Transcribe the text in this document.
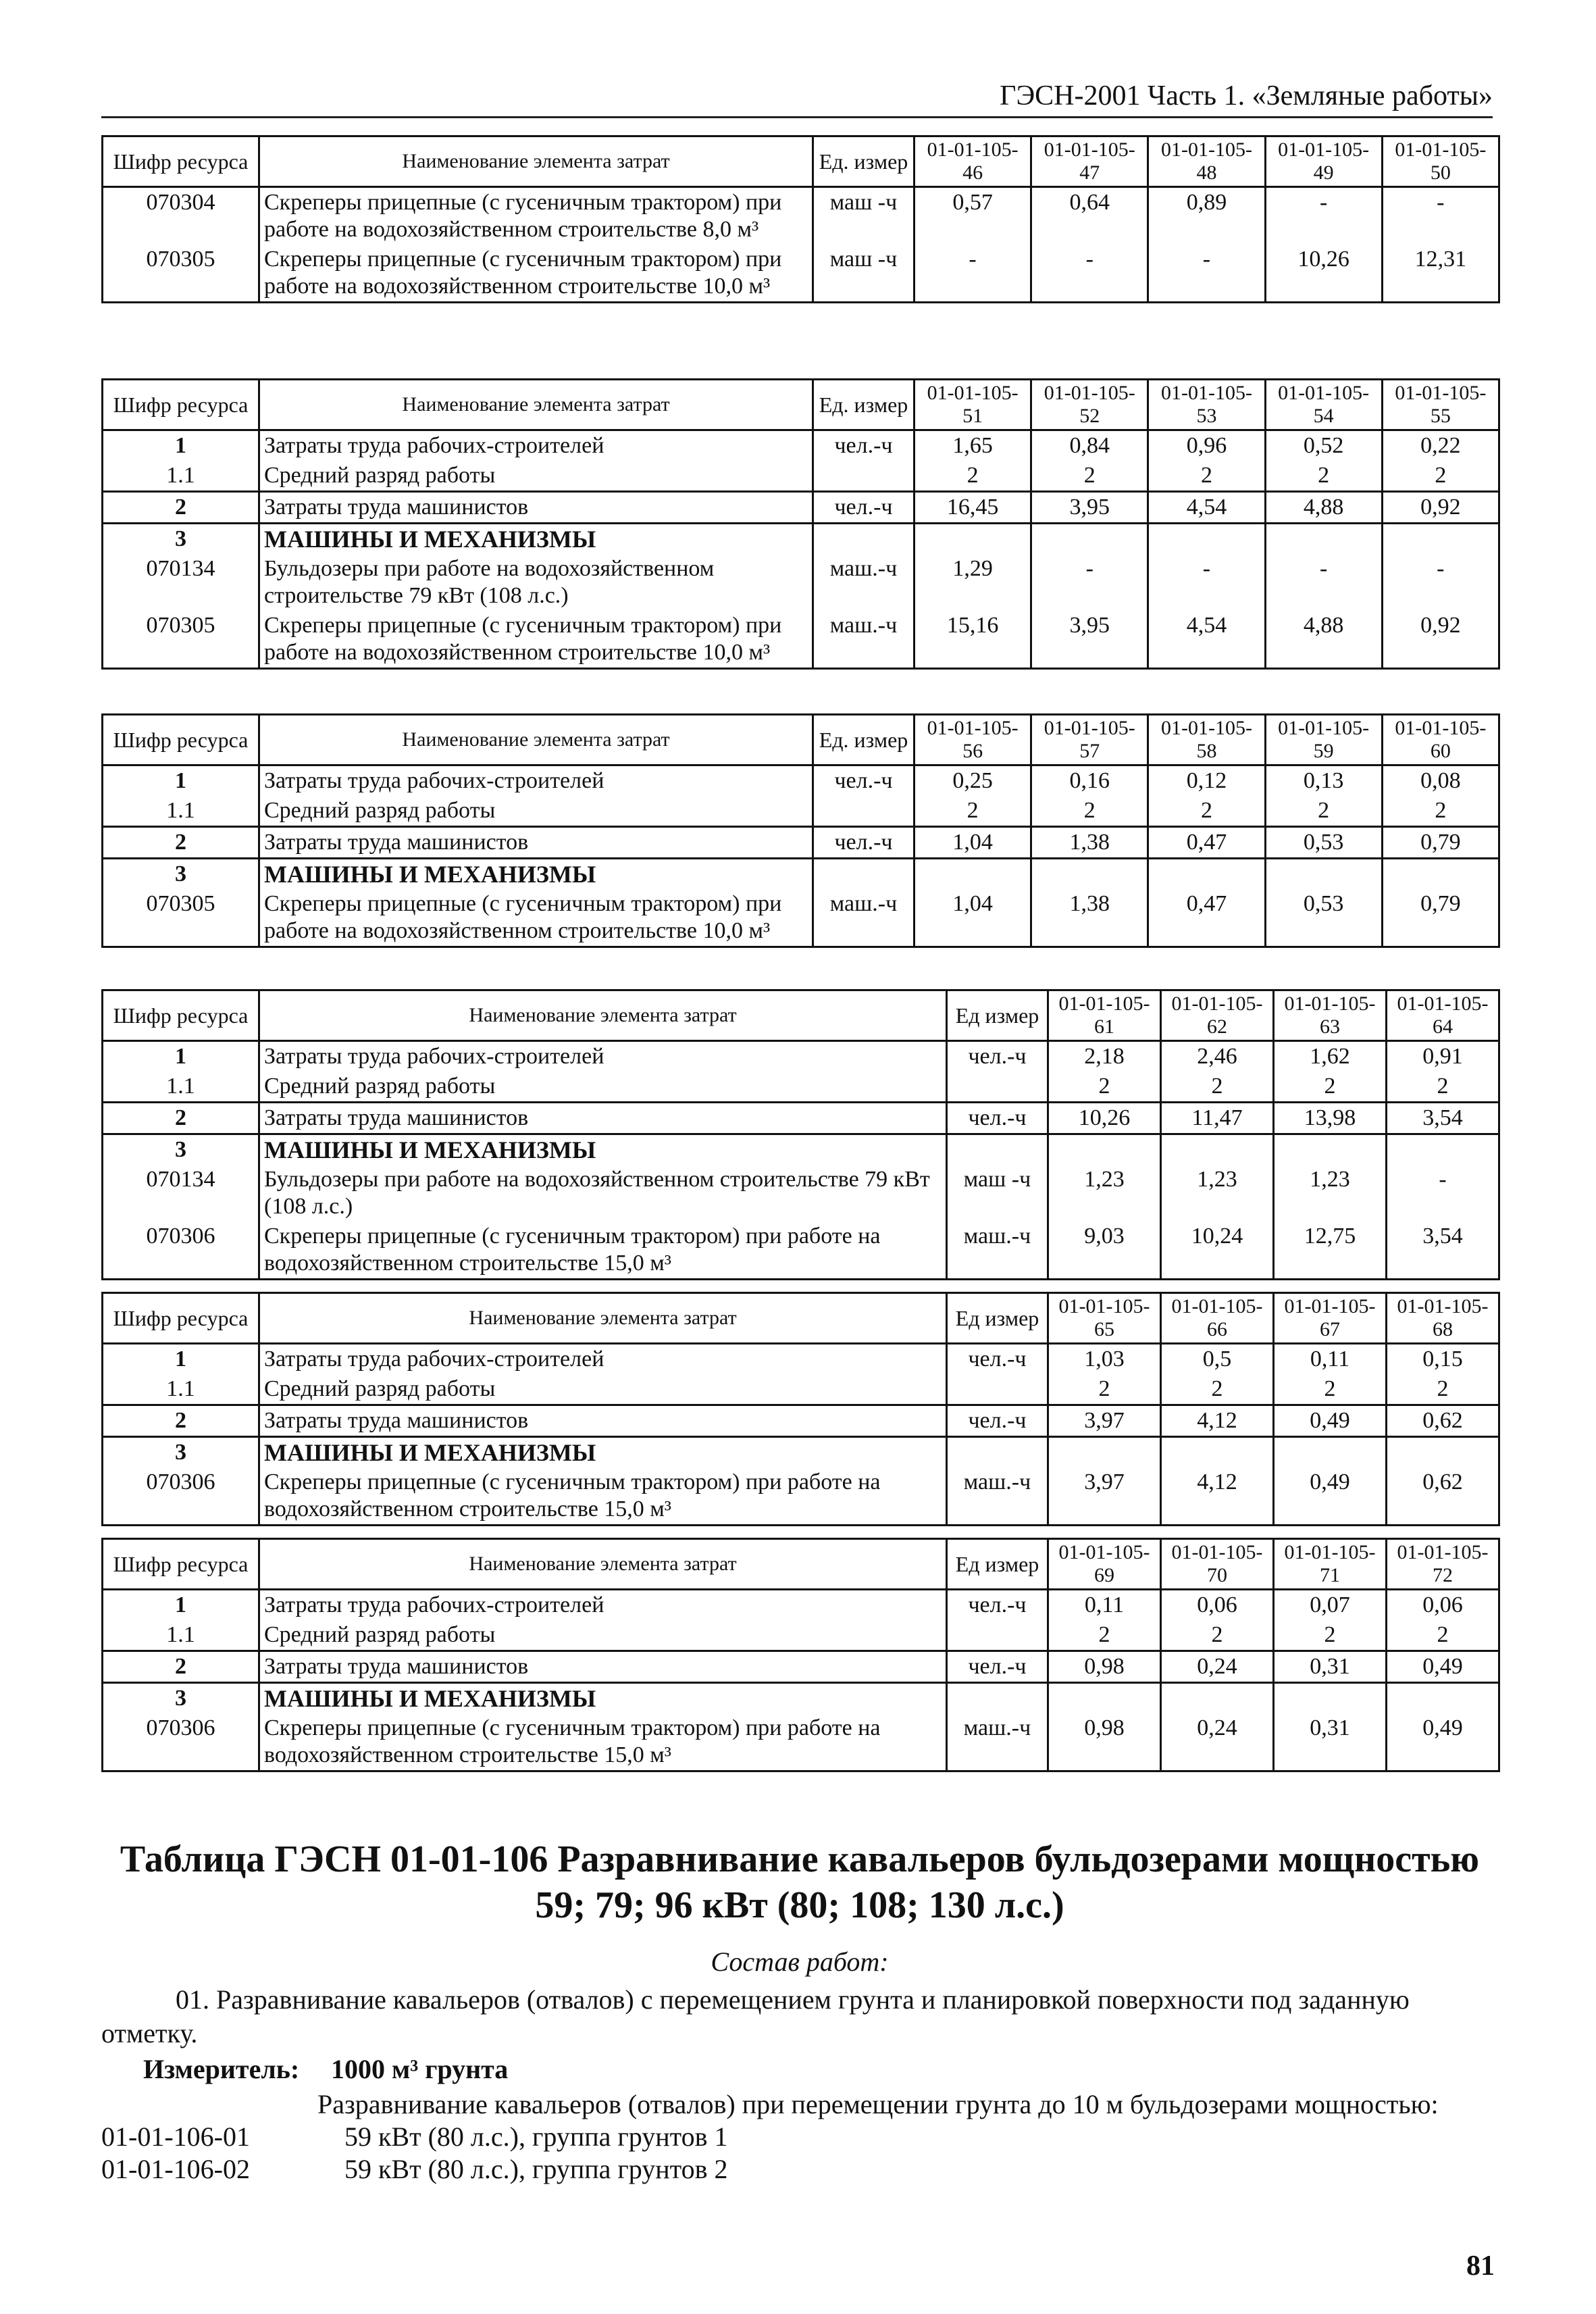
ГЭСН-2001 Часть 1. «Земляные работы»
Шифр ресурса	Наименование элемента затрат	Ед. измер	01-01-105-46	01-01-105-47	01-01-105-48	01-01-105-49	01-01-105-50
070304	Скреперы прицепные (с гусеничным трактором) при работе на водохозяйственном строительстве 8,0 м³	маш -ч	0,57	0,64	0,89	-	-
070305	Скреперы прицепные (с гусеничным трактором) при работе на водохозяйственном строительстве 10,0 м³	маш -ч	-	-	-	10,26	12,31
Шифр ресурса	Наименование элемента затрат	Ед. измер	01-01-105-51	01-01-105-52	01-01-105-53	01-01-105-54	01-01-105-55
1	Затраты труда рабочих-строителей	чел.-ч	1,65	0,84	0,96	0,52	0,22
1.1	Средний разряд работы		2	2	2	2	2
2	Затраты труда машинистов	чел.-ч	16,45	3,95	4,54	4,88	0,92
3	МАШИНЫ И МЕХАНИЗМЫ						
070134	Бульдозеры при работе на водохозяйственном строительстве 79 кВт (108 л.с.)	маш.-ч	1,29	-	-	-	-
070305	Скреперы прицепные (с гусеничным трактором) при работе на водохозяйственном строительстве 10,0 м³	маш.-ч	15,16	3,95	4,54	4,88	0,92
Шифр ресурса	Наименование элемента затрат	Ед. измер	01-01-105-56	01-01-105-57	01-01-105-58	01-01-105-59	01-01-105-60
1	Затраты труда рабочих-строителей	чел.-ч	0,25	0,16	0,12	0,13	0,08
1.1	Средний разряд работы		2	2	2	2	2
2	Затраты труда машинистов	чел.-ч	1,04	1,38	0,47	0,53	0,79
3	МАШИНЫ И МЕХАНИЗМЫ						
070305	Скреперы прицепные (с гусеничным трактором) при работе на водохозяйственном строительстве 10,0 м³	маш.-ч	1,04	1,38	0,47	0,53	0,79
Шифр ресурса	Наименование элемента затрат	Ед измер	01-01-105-61	01-01-105-62	01-01-105-63	01-01-105-64
1	Затраты труда рабочих-строителей	чел.-ч	2,18	2,46	1,62	0,91
1.1	Средний разряд работы		2	2	2	2
2	Затраты труда машинистов	чел.-ч	10,26	11,47	13,98	3,54
3	МАШИНЫ И МЕХАНИЗМЫ					
070134	Бульдозеры при работе на водохозяйственном строительстве 79 кВт (108 л.с.)	маш -ч	1,23	1,23	1,23	-
070306	Скреперы прицепные (с гусеничным трактором) при работе на водохозяйственном строительстве 15,0 м³	маш.-ч	9,03	10,24	12,75	3,54
Шифр ресурса	Наименование элемента затрат	Ед измер	01-01-105-65	01-01-105-66	01-01-105-67	01-01-105-68
1	Затраты труда рабочих-строителей	чел.-ч	1,03	0,5	0,11	0,15
1.1	Средний разряд работы		2	2	2	2
2	Затраты труда машинистов	чел.-ч	3,97	4,12	0,49	0,62
3	МАШИНЫ И МЕХАНИЗМЫ					
070306	Скреперы прицепные (с гусеничным трактором) при работе на водохозяйственном строительстве 15,0 м³	маш.-ч	3,97	4,12	0,49	0,62
Шифр ресурса	Наименование элемента затрат	Ед измер	01-01-105-69	01-01-105-70	01-01-105-71	01-01-105-72
1	Затраты труда рабочих-строителей	чел.-ч	0,11	0,06	0,07	0,06
1.1	Средний разряд работы		2	2	2	2
2	Затраты труда машинистов	чел.-ч	0,98	0,24	0,31	0,49
3	МАШИНЫ И МЕХАНИЗМЫ					
070306	Скреперы прицепные (с гусеничным трактором) при работе на водохозяйственном строительстве 15,0 м³	маш.-ч	0,98	0,24	0,31	0,49
Таблица ГЭСН 01-01-106 Разравнивание кавальеров бульдозерами мощностью 59; 79; 96 кВт (80; 108; 130 л.с.)
Состав работ:
01. Разравнивание кавальеров (отвалов) с перемещением грунта и планировкой поверхности под заданную отметку.
Измеритель: 1000 м³ грунта
Разравнивание кавальеров (отвалов) при перемещении грунта до 10 м бульдозерами мощностью:
01-01-106-01	59 кВт (80 л.с.), группа грунтов 1
01-01-106-02	59 кВт (80 л.с.), группа грунтов 2
81
